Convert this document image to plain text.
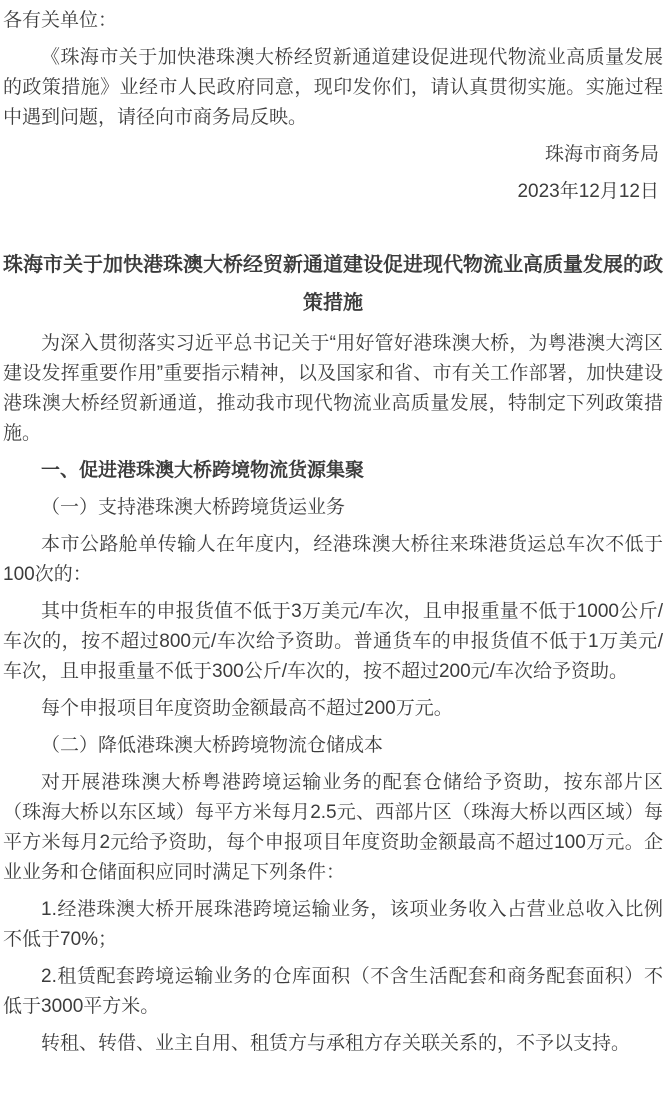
各有关单位：

《珠海市关于加快港珠澳大桥经贸新通道建设促进现代物流业高质量发展的政策措施》业经市人民政府同意，现印发你们，请认真贯彻实施。实施过程中遇到问题，请径向市商务局反映。

珠海市商务局

2023年12月12日

珠海市关于加快港珠澳大桥经贸新通道建设促进现代物流业高质量发展的政策措施

为深入贯彻落实习近平总书记关于“用好管好港珠澳大桥，为粤港澳大湾区建设发挥重要作用”重要指示精神，以及国家和省、市有关工作部署，加快建设港珠澳大桥经贸新通道，推动我市现代物流业高质量发展，特制定下列政策措施。

一、促进港珠澳大桥跨境物流货源集聚

（一）支持港珠澳大桥跨境货运业务

本市公路舱单传输人在年度内，经港珠澳大桥往来珠港货运总车次不低于100次的：

其中货柜车的申报货值不低于3万美元/车次，且申报重量不低于1000公斤/车次的，按不超过800元/车次给予资助。普通货车的申报货值不低于1万美元/车次，且申报重量不低于300公斤/车次的，按不超过200元/车次给予资助。

每个申报项目年度资助金额最高不超过200万元。

（二）降低港珠澳大桥跨境物流仓储成本

对开展港珠澳大桥粤港跨境运输业务的配套仓储给予资助，按东部片区（珠海大桥以东区域）每平方米每月2.5元、西部片区（珠海大桥以西区域）每平方米每月2元给予资助，每个申报项目年度资助金额最高不超过100万元。企业业务和仓储面积应同时满足下列条件：

1.经港珠澳大桥开展珠港跨境运输业务，该项业务收入占营业总收入比例不低于70%；

2.租赁配套跨境运输业务的仓库面积（不含生活配套和商务配套面积）不低于3000平方米。

转租、转借、业主自用、租赁方与承租方存关联关系的，不予以支持。
